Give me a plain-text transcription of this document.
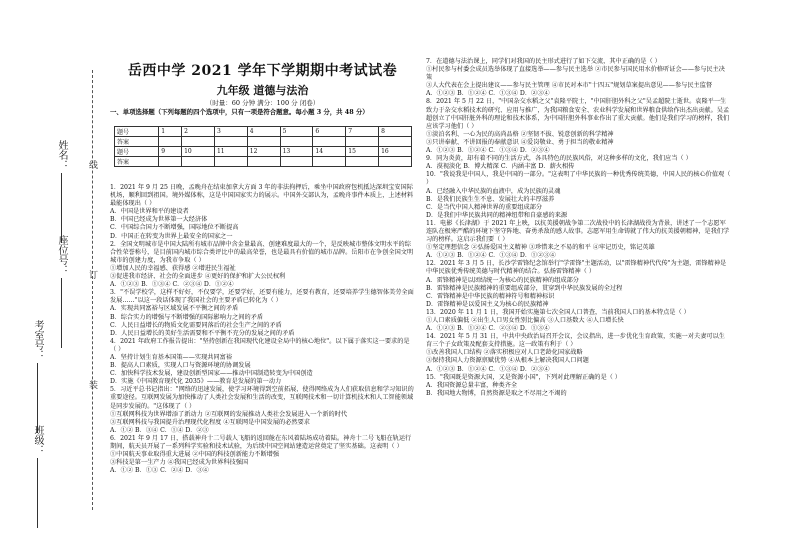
线
订
装
姓名：
座位号：
考室号：
班级：
岳西中学 2021 学年下学期期中考试试卷
九年级 道德与法治
（时量：60 分钟 满分：100 分 闭卷）
一、单项选择题（下列每题的四个选项中，只有一项是符合题意。每小题 3 分，共 48 分）
题号	1	2	3	4	5	6	7	8
答案								
题号	9	10	11	12	13	14	15	16
答案								
1．2021 年 9 月 25 日晚，孟晚舟在结束加拿大方面 3 年的非法拘押后，乘坐中国政府包机抵达深圳宝安国际机场，顺利回到祖国。境外媒体称，这是中国国家实力的展示。中国外交部认为，孟晚舟事件本质上，上述材料最能体现出（ ）
A．中国是世界和平的建设者
B．中国已经成为世界第一大经济体
C．中国综合国力不断增强，国际地位不断提高
D．中国正在转变为世界上最安全的国家之一
2．全国文明城市是中国大陆所有城市品牌中含金量最高、创建难度最大的一个，是反映城市整体文明水平的综合性荣誉称号，是目前国内城市综合类评比中的最高荣誉，也是最具有价值的城市品牌。岳阳市在争创全国文明城市的创建力度，为我市争取（ ）
①增加人民的幸福感、获得感 ②增进民生福祉
③促进我市经济、社会的全面进步 ④更好的保护和扩大公民权利
A．①②③ B．①③④ C．②③④ D．①②④
3．"不误学校学，这样不好好，不仅要学，还要学好，还要有能力，还要有教育，还要培养学生德智体美劳全面发展……"以这一段话体现了我国社会的主要矛盾已转化为（ ）
A．实现共同富裕与区域发展不平衡之间的矛盾
B．综合实力的增强与不断增强的国际影响力之间的矛盾
C．人民日益增长的物质文化需要同落后的社会生产之间的矛盾
D．人民日益增长的美好生活需要和不平衡不充分的发展之间的矛盾
4．2021 年政府工作报告提出："坚持创新在我国现代化建设全局中的核心地位"。以下属于落实这一要求的是（ ）
A．坚持计划生育基本国策——实现共同富裕
B．提高人口素质，实现人口与资源环境的协调发展
C．加快科学技术发展，建设创新型国家——推动中国制造转变为中国创造
D．实施《中国教育现代化 2035》——教育是发展的第一动力
5．习近平总书记指出："网络的迅速发展，使学习环境得到空前拓展，使得网络成为人们获取信息和学习知识的重要途径。互联网发展为加快推动了人类社会发展和生活的改变，互联网技术和一切计算机技术和人工智能领域是同步发展的。"这体现了（ ）
①互联网科技为世界增添了新动力 ②互联网的发展推动人类社会发展进入一个新的时代
③互联网科技与我国提升治理现代化程度 ④互联网是中国发展的必然要求
A．①② B．③④ C．①④ D．②③
6．2021 年 9 月 17 日，搭载神舟十二号载人飞船的返回舱在东风着陆场成功着陆。神舟十二号飞船在轨运行期间，航天员开展了一系列科学实验和技术试验，为后续中国空间站建造运营奠定了坚实基础。这表明（ ）
①中国航天事业取得重大进展 ②中国的科技创新能力不断增强
③科技是第一生产力 ④我国已经成为世界科技强国
A．①② B．①③ C．②④ D．③④
7．在道德与法治课上，同学们对我国的民主形式进行了如下交流，其中正确的是（ ）
①村民参与村委会成员选举体现了直接选举——参与民主选举 ②市民参与国民用水价格听证会——参与民主决策
③人大代表在会上提出建议——参与民主管理 ④市民对本市"十四五"规划草案提出意见——参与民主监督
A．①②③ B．①②④ C．①③④ D．②③④
8．2021 年 5 月 22 日，"中国杂交水稻之父"袁隆平院士，"中国肝胆外科之父"吴孟超院士逝世。袁隆平一生致力于杂交水稻技术的研究、应用与推广，为我国粮食安全、农业科学发展和世界粮食供给作出杰出贡献。吴孟超创立了中国肝脏外科的理论和技术体系，为中国肝胆外科事业作出了重大贡献。他们是我们学习的榜样，我们应该学习他们（ ）
①淡泊名利、一心为民的高尚品格 ②坚韧不拔、锐意创新的科学精神
③只讲奉献、不讲回报的奉献意识 ④爱岗敬业、勇于担当的敬业精神
A．①②③ B．①②④ C．①③④ D．②③④
9．同为炎黄，却有着不同的生活方式，各具特色的民族风俗，对这种多样的文化，我们应当（ ）
A．漠视淡化 B．博大精深 C．内涵丰富 D．薪火相传
10．"我说我是中国人，我是中国的一部分。"这表明了中华民族的一种优秀传统美德，中国人民的核心价值观（ ）
A．已经融入中华民族的血液中，成为民族的灵魂
B．是我们民族生生不息、发展壮大的丰厚滋养
C．是当代中国人精神世界的重要组成部分
D．是我们中华民族共同的精神纽带和自豪感的来源
11．电影《长津湖》于 2021 年上映，以抗美援朝战争第二次战役中的长津湖战役为背景，讲述了一个志愿军连队在极寒严酷的环境下坚守阵地、奋勇杀敌的感人故事。志愿军用生命铸就了伟大的抗美援朝精神，是我们学习的榜样。这启示我们要（ ）
①坚定理想信念 ②弘扬爱国主义精神 ③珍惜来之不易的和平 ④牢记历史，铭记英雄
A．①②③ B．①②④ C．①③④ D．①②③④
12．2021 年 3 月 5 日，长沙学雷锋纪念馆举行"学雷锋"主题活动，以"雷锋精神代代传"为主题，雷锋精神是中华民族优秀传统美德与时代精神的结合。弘扬雷锋精神（ ）
A．雷锋精神是以团结统一为核心的民族精神的组成部分
B．雷锋精神是民族精神的重要组成部分，贯穿到中华民族发展的全过程
C．雷锋精神是中华民族的精神符号和精神标识
D．雷锋精神是以爱国主义为核心的民族精神
13．2020 年 11 月 1 日，我国开始实施第七次全国人口普查，当前我国人口的基本特点是（ ）
①人口素质偏低 ②出生人口男女性别比偏高 ③人口基数大 ④人口增长快
A．①②③ B．①②④ C．②③④ D．①③④
14．2021 年 5 月 31 日，中共中央政治局召开会议，会议指出，进一步优化生育政策，实施一对夫妻可以生育三个子女政策及配套支持措施。这一政策有利于（ ）
①改善我国人口结构 ②落实积极应对人口老龄化国家战略
③保持我国人力资源禀赋优势 ④从根本上解决我国人口问题
A．①②③ B．①②④ C．①③④ D．②③④
15．"我国既是资源大国，又是资源小国"，下列对此理解正确的是（ ）
A．我国资源总量丰富，种类齐全
B．我国地大物博，自然资源是取之不尽用之不竭的
